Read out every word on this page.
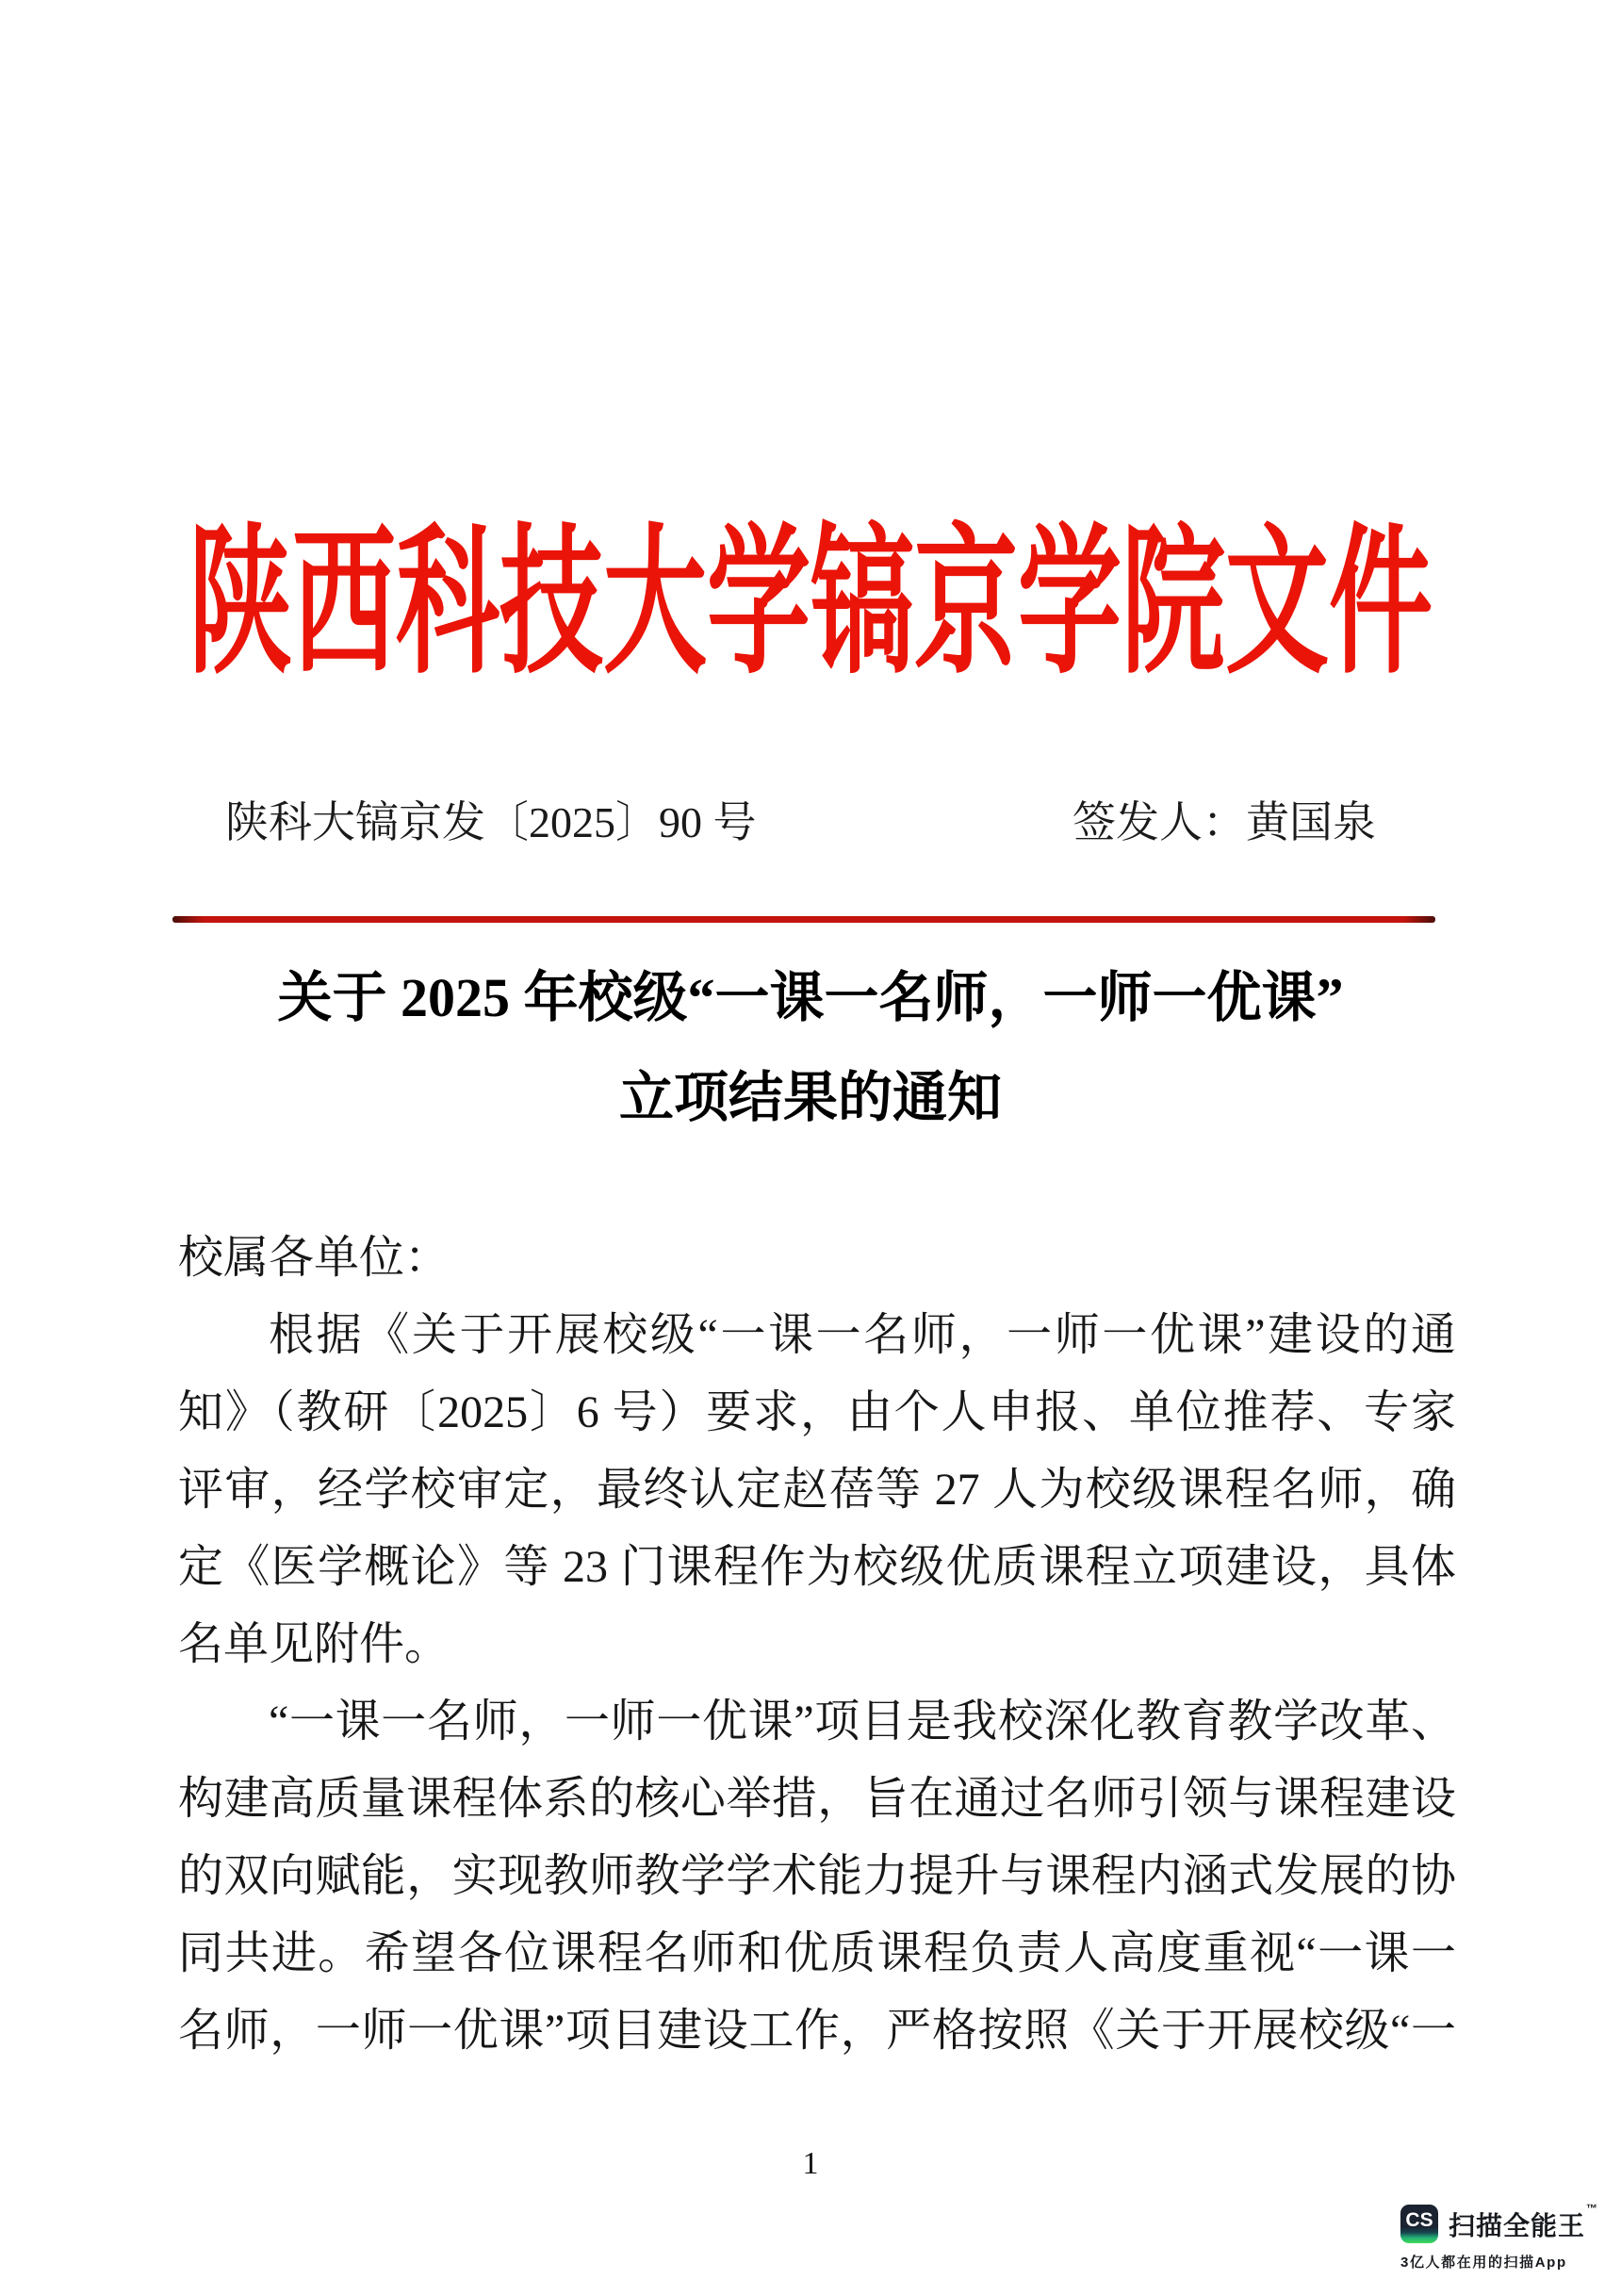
陕西科技大学镐京学院文件
陕科大镐京发〔2025〕90 号	签发人：黄国泉
关于 2025 年校级“一课一名师，一师一优课”
立项结果的通知
校属各单位：
根据《关于开展校级“一课一名师，一师一优课”建设的通
知》（教研〔2025〕6 号）要求，由个人申报、单位推荐、专家
评审，经学校审定，最终认定赵蓓等 27 人为校级课程名师，确
定《医学概论》等 23 门课程作为校级优质课程立项建设，具体
名单见附件。
“一课一名师，一师一优课”项目是我校深化教育教学改革、
构建高质量课程体系的核心举措，旨在通过名师引领与课程建设
的双向赋能，实现教师教学学术能力提升与课程内涵式发展的协
同共进。希望各位课程名师和优质课程负责人高度重视“一课一
名师，一师一优课”项目建设工作，严格按照《关于开展校级“一
1
CS 扫描全能王™
3亿人都在用的扫描App
